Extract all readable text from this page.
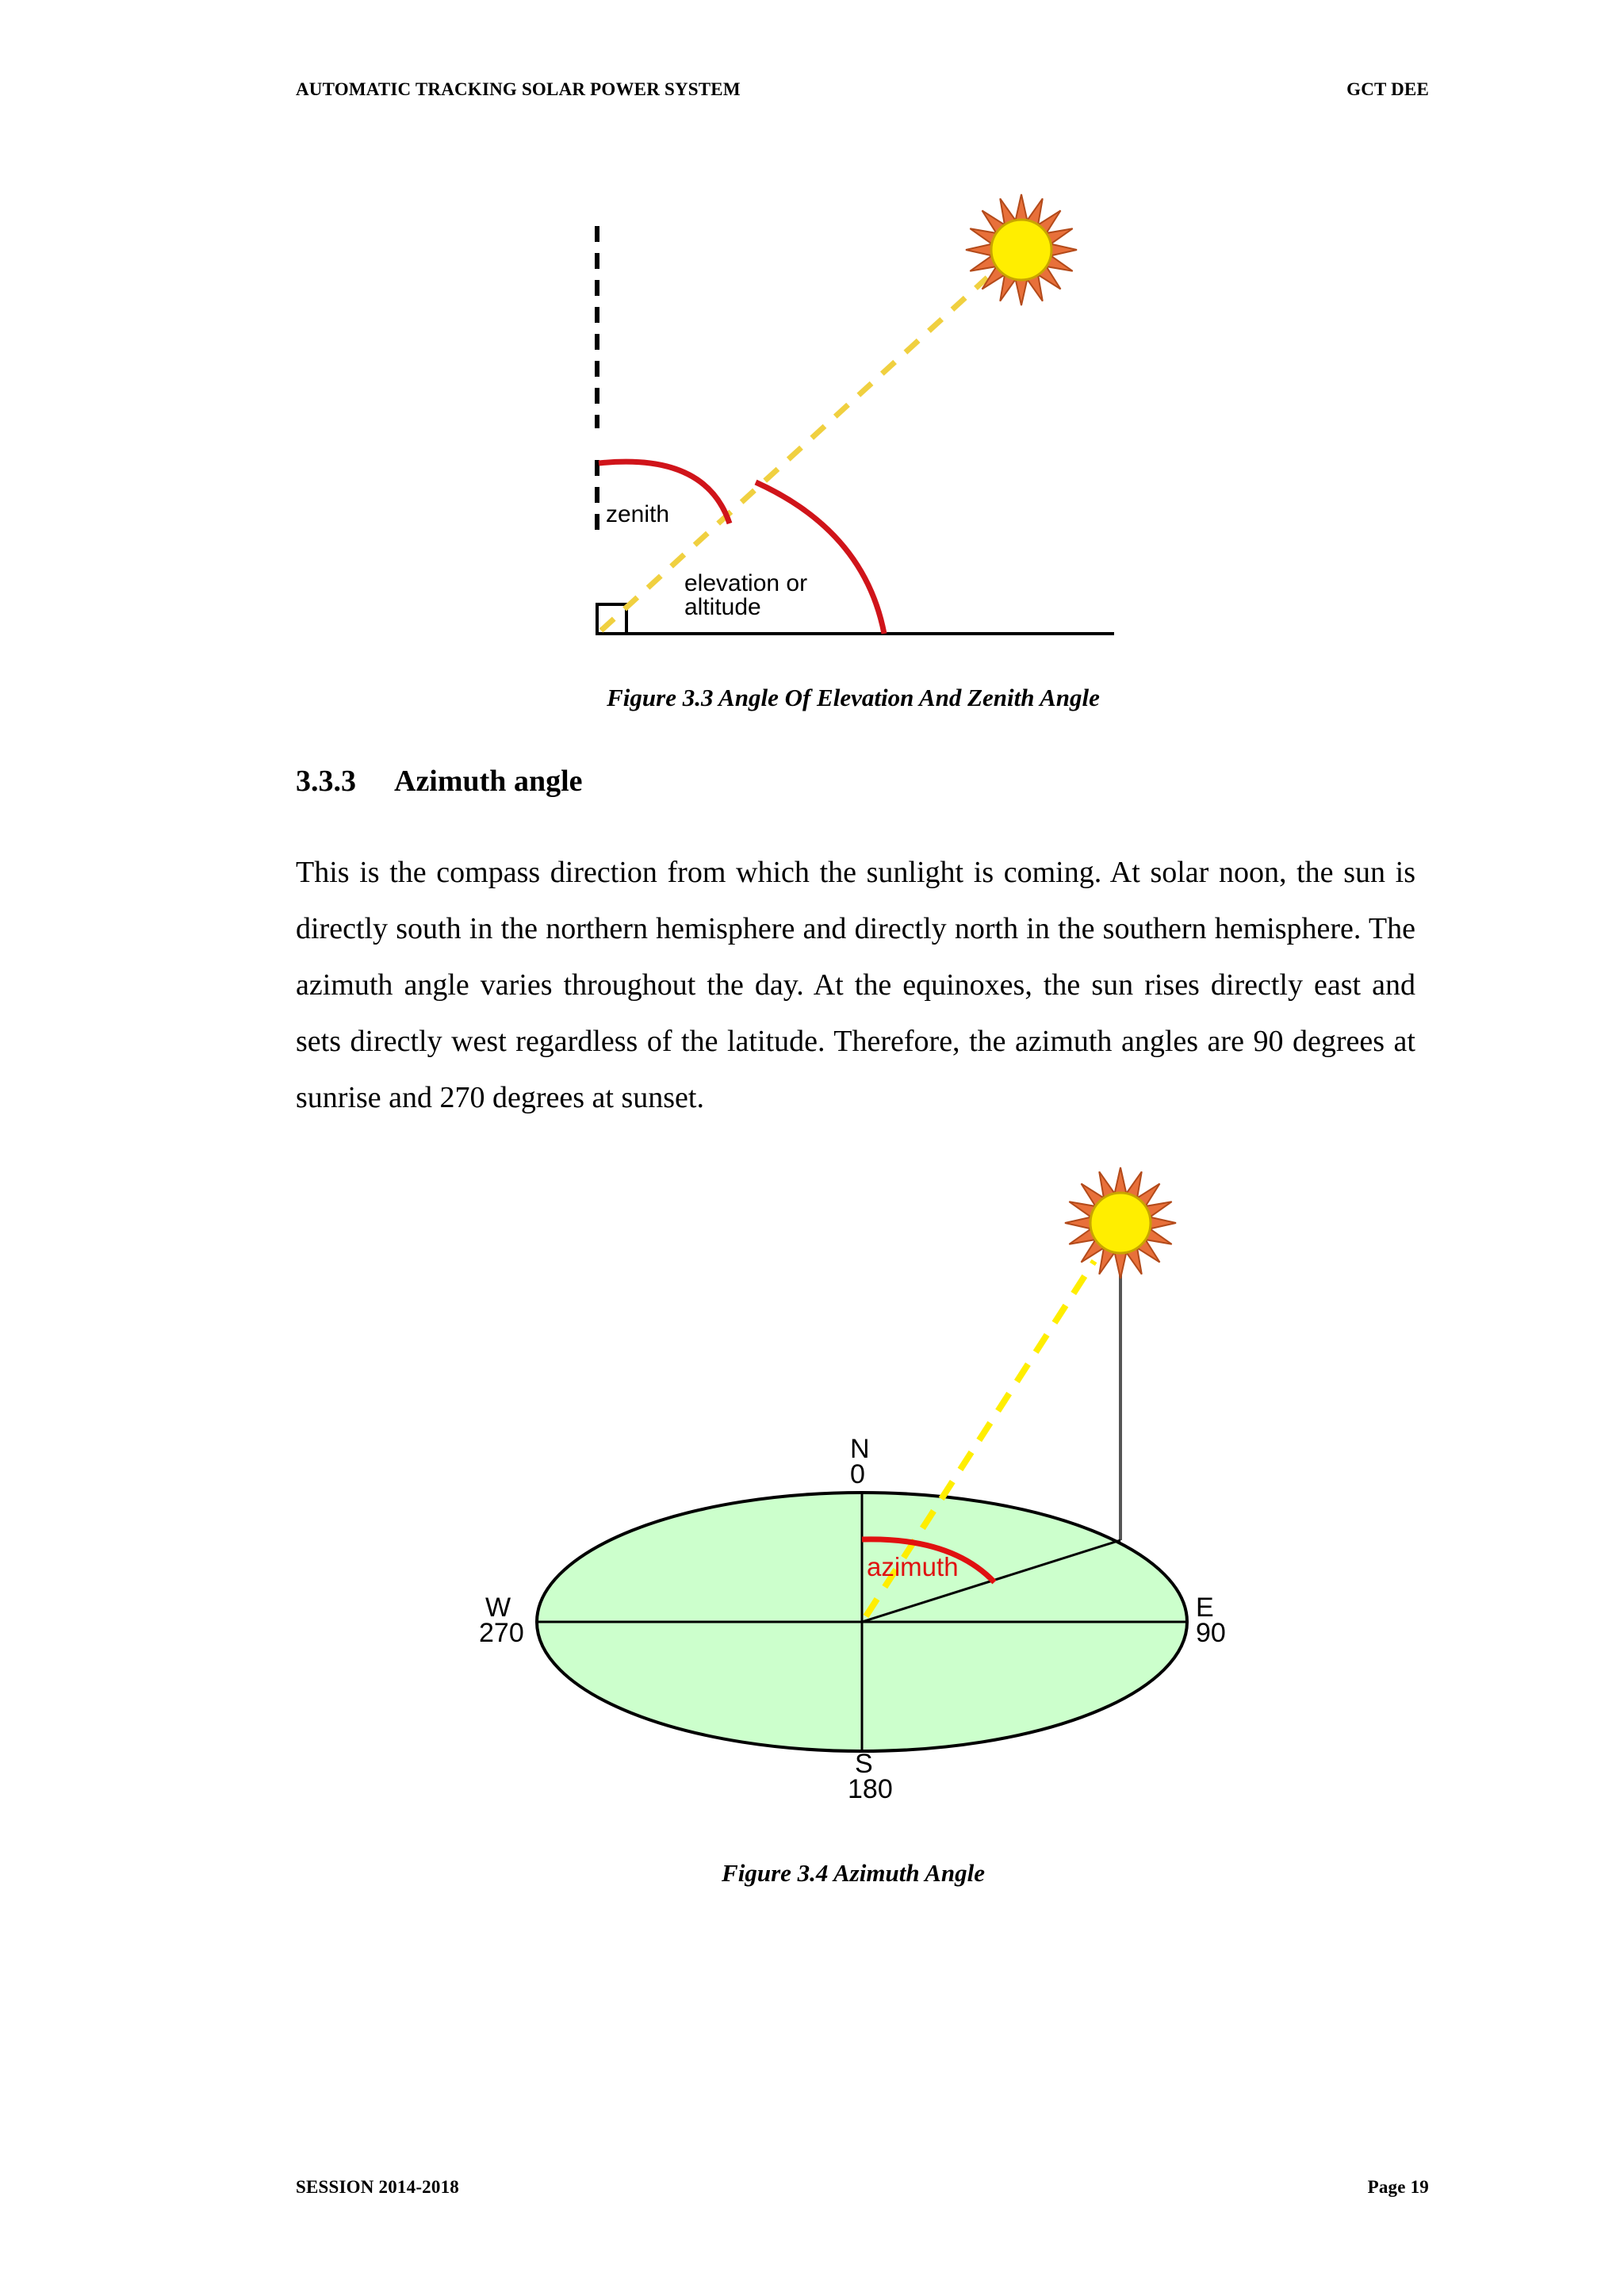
AUTOMATIC TRACKING SOLAR POWER SYSTEM	GCT DEE
zenith
elevation or
altitude
Figure 3.3 Angle Of Elevation And Zenith Angle
3.3.3 Azimuth angle

This is the compass direction from which the sunlight is coming. At solar noon, the sun is directly south in the northern hemisphere and directly north in the southern hemisphere. The azimuth angle varies throughout the day. At the equinoxes, the sun rises directly east and sets directly west regardless of the latitude. Therefore, the azimuth angles are 90 degrees at sunrise and 270 degrees at sunset.

N
0
E
90
S
180
W
270
azimuth
Figure 3.4 Azimuth Angle
SESSION 2014-2018	Page 19
